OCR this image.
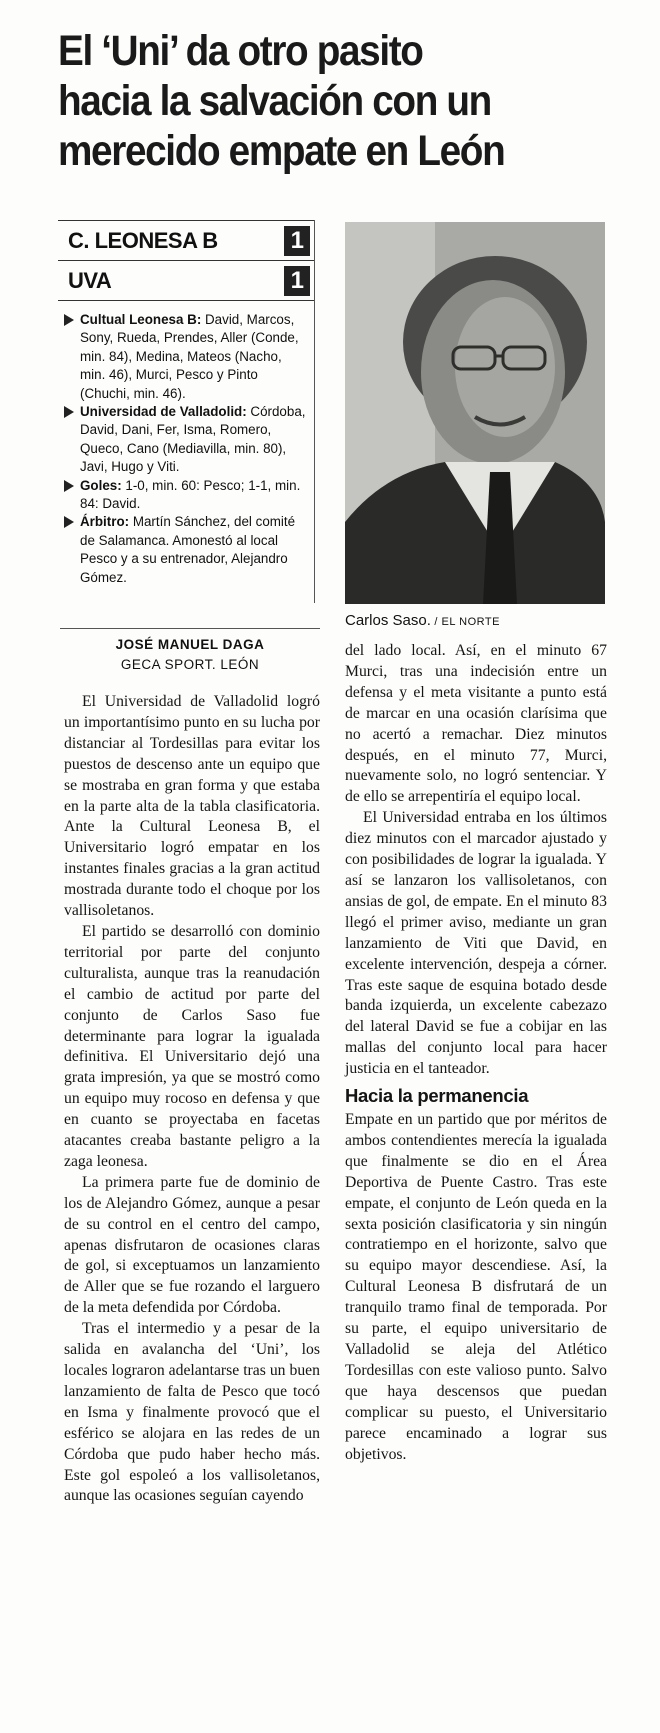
El ‘Uni’ da otro pasito
hacia la salvación con un
merecido empate en León
C. LEONESA B	1
UVA	1

Cultual Leonesa B: David, Marcos, Sony, Rueda, Prendes, Aller (Conde, min. 84), Medina, Mateos (Nacho, min. 46), Murci, Pesco y Pinto (Chuchi, min. 46).

Universidad de Valladolid: Córdoba, David, Dani, Fer, Isma, Romero, Queco, Cano (Mediavilla, min. 80), Javi, Hugo y Viti.

Goles: 1-0, min. 60: Pesco; 1-1, min. 84: David.

Árbitro: Martín Sánchez, del comité de Salamanca. Amonestó al local Pesco y a su entrenador, Alejandro Gómez.

Carlos Saso. / EL NORTE
JOSÉ MANUEL DAGA
GECA SPORT. LEÓN

El Universidad de Valladolid logró un importantísimo punto en su lucha por distanciar al Tordesillas para evitar los puestos de descenso ante un equipo que se mostraba en gran forma y que estaba en la parte alta de la tabla clasificatoria. Ante la Cultural Leonesa B, el Universitario logró empatar en los instantes finales gracias a la gran actitud mostrada durante todo el choque por los vallisoletanos.

El partido se desarrolló con dominio territorial por parte del conjunto culturalista, aunque tras la reanudación el cambio de actitud por parte del conjunto de Carlos Saso fue determinante para lograr la igualada definitiva. El Universitario dejó una grata impresión, ya que se mostró como un equipo muy rocoso en defensa y que en cuanto se proyectaba en facetas atacantes creaba bastante peligro a la zaga leonesa.

La primera parte fue de dominio de los de Alejandro Gómez, aunque a pesar de su control en el centro del campo, apenas disfrutaron de ocasiones claras de gol, si exceptuamos un lanzamiento de Aller que se fue rozando el larguero de la meta defendida por Córdoba.

Tras el intermedio y a pesar de la salida en avalancha del ‘Uni’, los locales lograron adelantarse tras un buen lanzamiento de falta de Pesco que tocó en Isma y finalmente provocó que el esférico se alojara en las redes de un Córdoba que pudo haber hecho más. Este gol espoleó a los vallisoletanos, aunque las ocasiones seguían cayendo

del lado local. Así, en el minuto 67 Murci, tras una indecisión entre un defensa y el meta visitante a punto está de marcar en una ocasión clarísima que no acertó a remachar. Diez minutos después, en el minuto 77, Murci, nuevamente solo, no logró sentenciar. Y de ello se arrepentiría el equipo local.

El Universidad entraba en los últimos diez minutos con el marcador ajustado y con posibilidades de lograr la igualada. Y así se lanzaron los vallisoletanos, con ansias de gol, de empate. En el minuto 83 llegó el primer aviso, mediante un gran lanzamiento de Viti que David, en excelente intervención, despeja a córner. Tras este saque de esquina botado desde banda izquierda, un excelente cabezazo del lateral David se fue a cobijar en las mallas del conjunto local para hacer justicia en el tanteador.

Hacia la permanencia

Empate en un partido que por méritos de ambos contendientes merecía la igualada que finalmente se dio en el Área Deportiva de Puente Castro. Tras este empate, el conjunto de León queda en la sexta posición clasificatoria y sin ningún contratiempo en el horizonte, salvo que su equipo mayor descendiese. Así, la Cultural Leonesa B disfrutará de un tranquilo tramo final de temporada. Por su parte, el equipo universitario de Valladolid se aleja del Atlético Tordesillas con este valioso punto. Salvo que haya descensos que puedan complicar su puesto, el Universitario parece encaminado a lograr sus objetivos.
